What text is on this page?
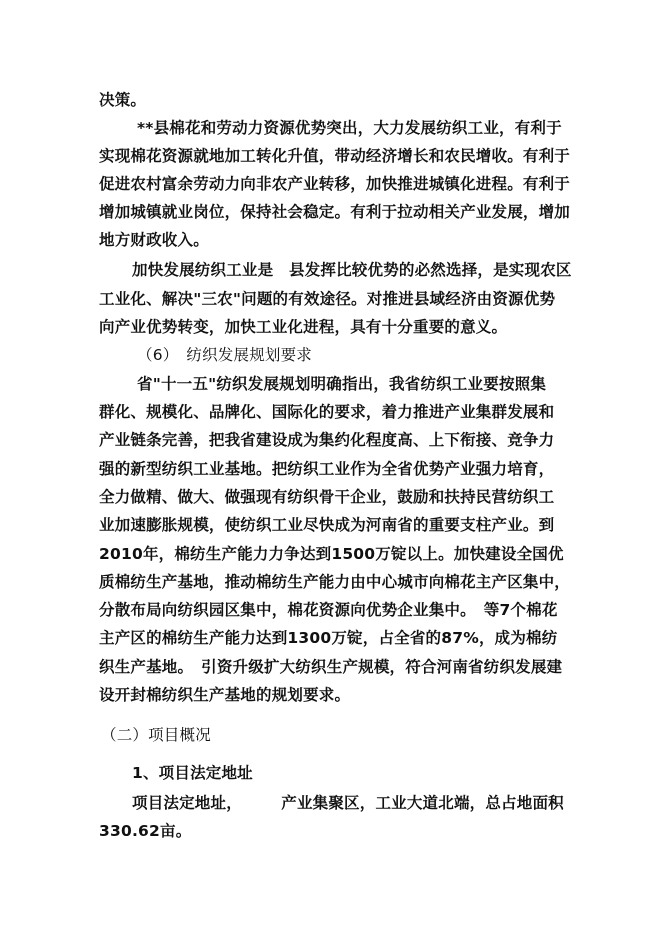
决策。
**县棉花和劳动力资源优势突出，大力发展纺织工业，有利于
实现棉花资源就地加工转化升值，带动经济增长和农民增收。有利于
促进农村富余劳动力向非农产业转移，加快推进城镇化进程。有利于
增加城镇就业岗位，保持社会稳定。有利于拉动相关产业发展，增加
地方财政收入。
加快发展纺织工业是　县发挥比较优势的必然选择，是实现农区
工业化、解决"三农"问题的有效途径。对推进县域经济由资源优势
向产业优势转变，加快工业化进程，具有十分重要的意义。
（6）　纺织发展规划要求
省"十一五"纺织发展规划明确指出，我省纺织工业要按照集
群化、规模化、品牌化、国际化的要求，着力推进产业集群发展和
产业链条完善，把我省建设成为集约化程度高、上下衔接、竞争力
强的新型纺织工业基地。把纺织工业作为全省优势产业强力培育，
全力做精、做大、做强现有纺织骨干企业，鼓励和扶持民营纺织工
业加速膨胀规模，使纺织工业尽快成为河南省的重要支柱产业。到
2010年，棉纺生产能力力争达到1500万锭以上。加快建设全国优
质棉纺生产基地，推动棉纺生产能力由中心城市向棉花主产区集中，
分散布局向纺织园区集中，棉花资源向优势企业集中。　等7个棉花
主产区的棉纺生产能力达到1300万锭，占全省的87%，成为棉纺
织生产基地。　引资升级扩大纺织生产规模，符合河南省纺织发展建
设开封棉纺织生产基地的规划要求。
（二）项目概况
1、项目法定地址
项目法定地址，　　　产业集聚区，工业大道北端，总占地面积
330.62亩。
